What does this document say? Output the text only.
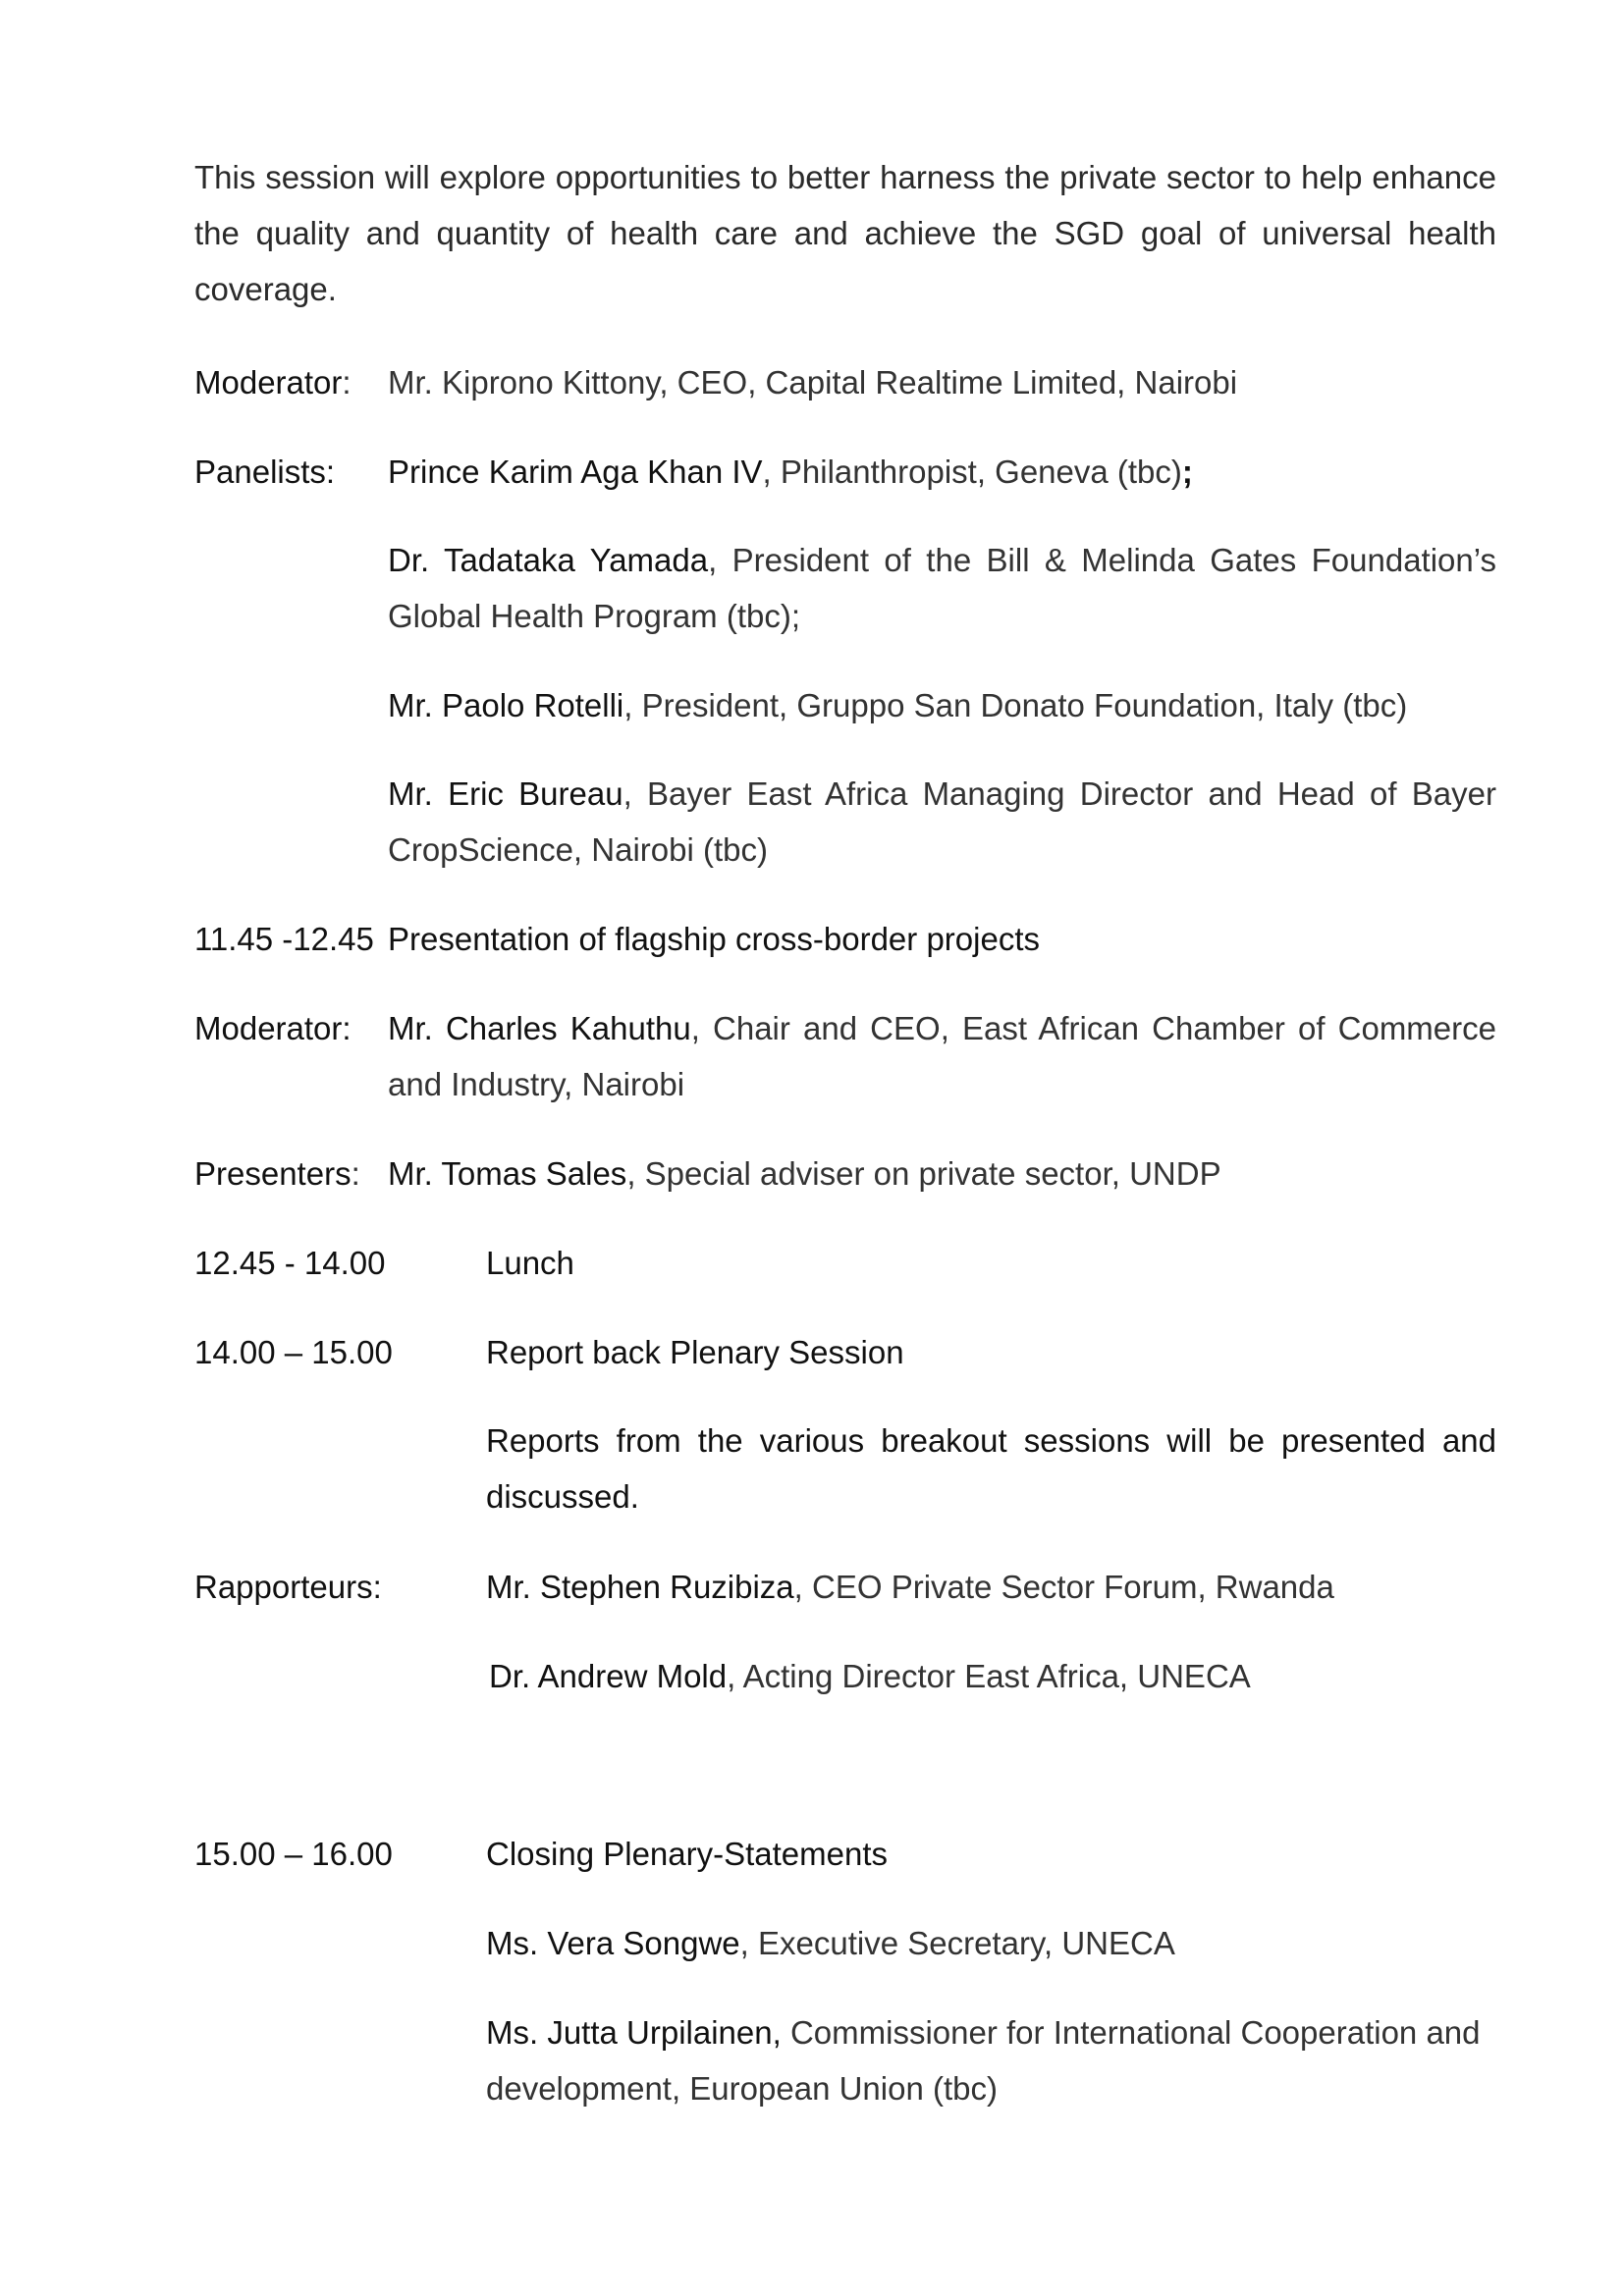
This session will explore opportunities to better harness the private sector to help enhance the quality and quantity of health care and achieve the SGD goal of universal health coverage.

Moderator: Mr. Kiprono Kittony, CEO, Capital Realtime Limited, Nairobi
Panelists: Prince Karim Aga Khan IV, Philanthropist, Geneva (tbc);
Dr. Tadataka Yamada, President of the Bill & Melinda Gates Foundation’s Global Health Program (tbc);
Mr. Paolo Rotelli, President, Gruppo San Donato Foundation, Italy (tbc)
Mr. Eric Bureau, Bayer East Africa Managing Director and Head of Bayer CropScience, Nairobi (tbc)
11.45 -12.45 Presentation of flagship cross-border projects
Moderator: Mr. Charles Kahuthu, Chair and CEO, East African Chamber of Commerce and Industry, Nairobi
Presenters: Mr. Tomas Sales, Special adviser on private sector, UNDP
12.45 - 14.00	Lunch
14.00 – 15.00	Report back Plenary Session
Reports from the various breakout sessions will be presented and discussed.
Rapporteurs:	Mr. Stephen Ruzibiza, CEO Private Sector Forum, Rwanda
Dr. Andrew Mold, Acting Director East Africa, UNECA
15.00 – 16.00	Closing Plenary-Statements
Ms. Vera Songwe, Executive Secretary, UNECA
Ms. Jutta Urpilainen, Commissioner for International Cooperation and development, European Union (tbc)
